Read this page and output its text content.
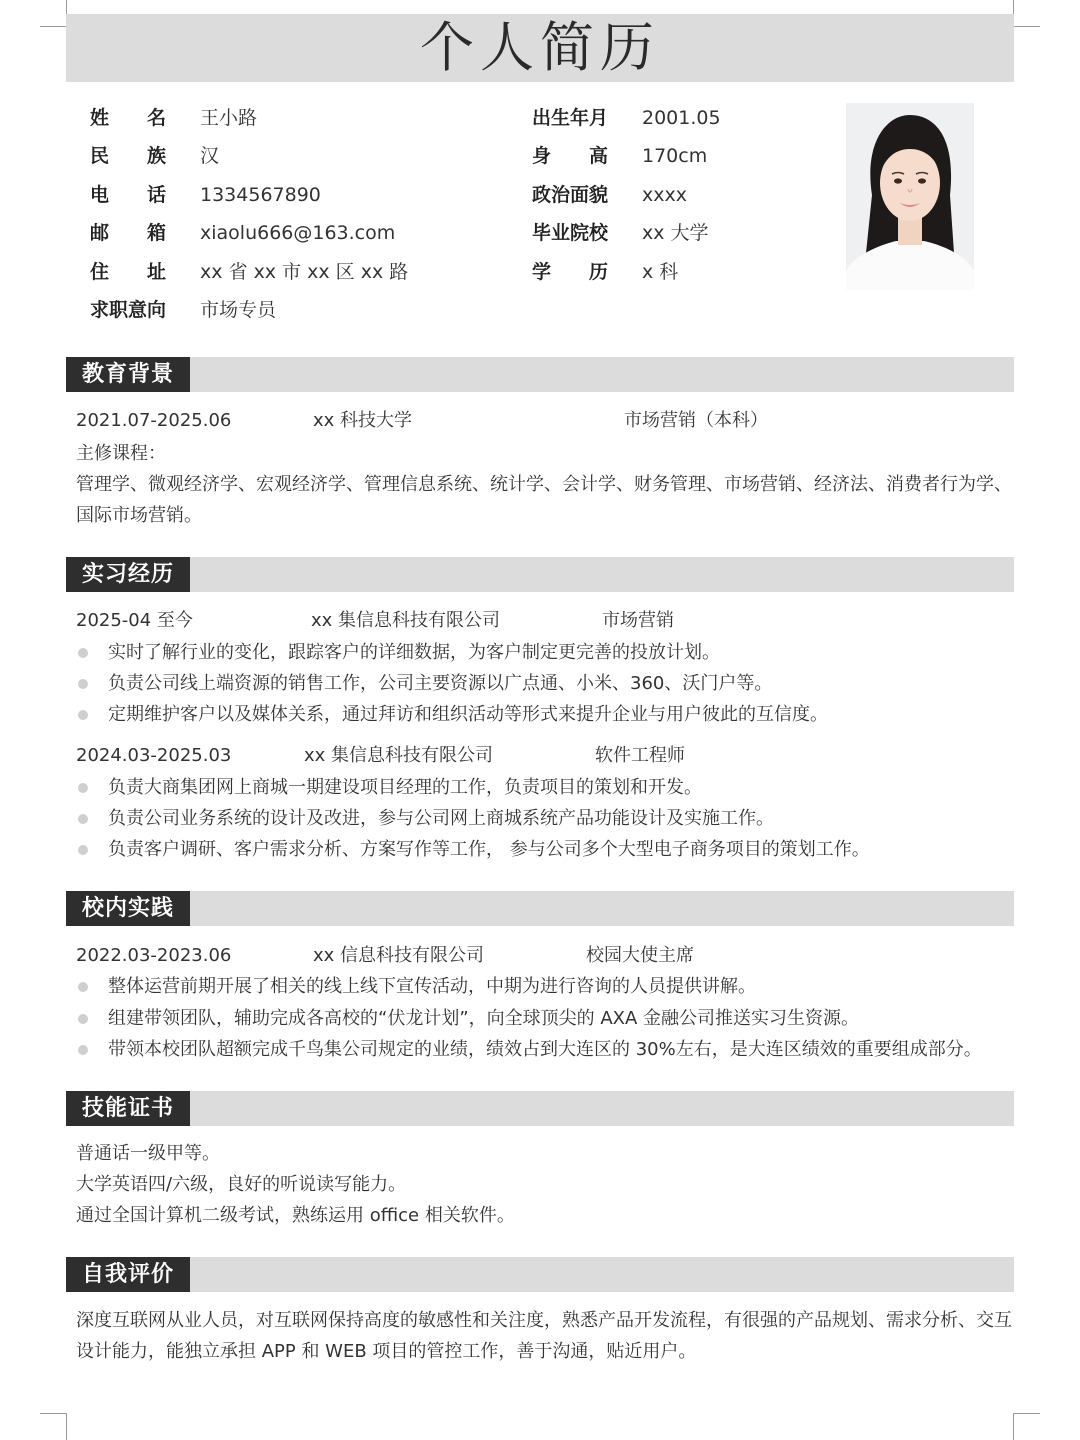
个人简历
姓名 王小路
民族 汉
电话 1334567890
邮箱 xiaolu666@163.com
住址 xx 省 xx 市 xx 区 xx 路
求职意向 市场专员
出生年月 2001.05
身高 170cm
政治面貌 xxxx
毕业院校 xx 大学
学历 x 科
教育背景
2021.07-2025.06	xx 科技大学	市场营销（本科）
主修课程：
管理学、微观经济学、宏观经济学、管理信息系统、统计学、会计学、财务管理、市场营销、经济法、消费者行为学、国际市场营销。
实习经历
2025-04 至今	xx 集信息科技有限公司	市场营销
实时了解行业的变化，跟踪客户的详细数据，为客户制定更完善的投放计划。
负责公司线上端资源的销售工作，公司主要资源以广点通、小米、360、沃门户等。
定期维护客户以及媒体关系，通过拜访和组织活动等形式来提升企业与用户彼此的互信度。
2024.03-2025.03	xx 集信息科技有限公司	软件工程师
负责大商集团网上商城一期建设项目经理的工作，负责项目的策划和开发。
负责公司业务系统的设计及改进，参与公司网上商城系统产品功能设计及实施工作。
负责客户调研、客户需求分析、方案写作等工作， 参与公司多个大型电子商务项目的策划工作。
校内实践
2022.03-2023.06	xx 信息科技有限公司	校园大使主席
整体运营前期开展了相关的线上线下宣传活动，中期为进行咨询的人员提供讲解。
组建带领团队，辅助完成各高校的“伏龙计划”，向全球顶尖的 AXA 金融公司推送实习生资源。
带领本校团队超额完成千鸟集公司规定的业绩，绩效占到大连区的 30%左右，是大连区绩效的重要组成部分。
技能证书
普通话一级甲等。
大学英语四/六级，良好的听说读写能力。
通过全国计算机二级考试，熟练运用 office 相关软件。
自我评价
深度互联网从业人员，对互联网保持高度的敏感性和关注度，熟悉产品开发流程，有很强的产品规划、需求分析、交互设计能力，能独立承担 APP 和 WEB 项目的管控工作，善于沟通，贴近用户。
